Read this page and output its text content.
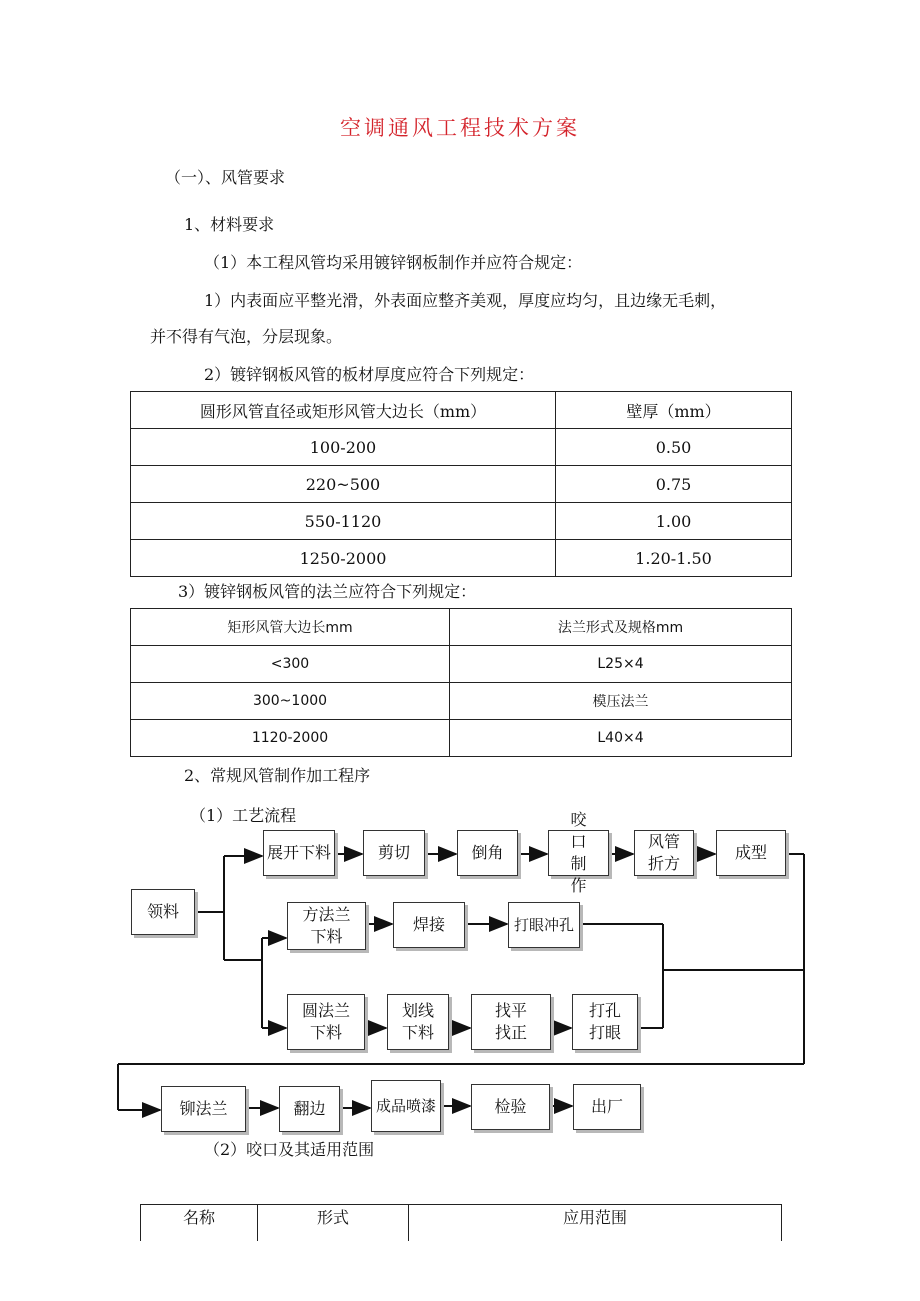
空调通风工程技术方案
（一）、风管要求
1、材料要求
（1）本工程风管均采用镀锌钢板制作并应符合规定：
1）内表面应平整光滑，外表面应整齐美观，厚度应均匀，且边缘无毛刺，
并不得有气泡，分层现象。
2）镀锌钢板风管的板材厚度应符合下列规定：
圆形风管直径或矩形风管大边长（mm）	壁厚（mm）
100-200	0.50
220~500	0.75
550-1120	1.00
1250-2000	1.20-1.50
3）镀锌钢板风管的法兰应符合下列规定：
矩形风管大边长mm	法兰形式及规格mm
<300	L25×4
300~1000	模压法兰
1120-2000	L40×4
2、常规风管制作加工程序
（1）工艺流程
领料
展开下料	剪切	倒角
咬口制作
风管折方
成型
方法兰下料
焊接	打眼冲孔
圆法兰下料
划线下料
找平找正
打孔打眼
铆法兰	翻边	成品喷漆	检验	出厂
（2）咬口及其适用范围
名称	形式	应用范围
